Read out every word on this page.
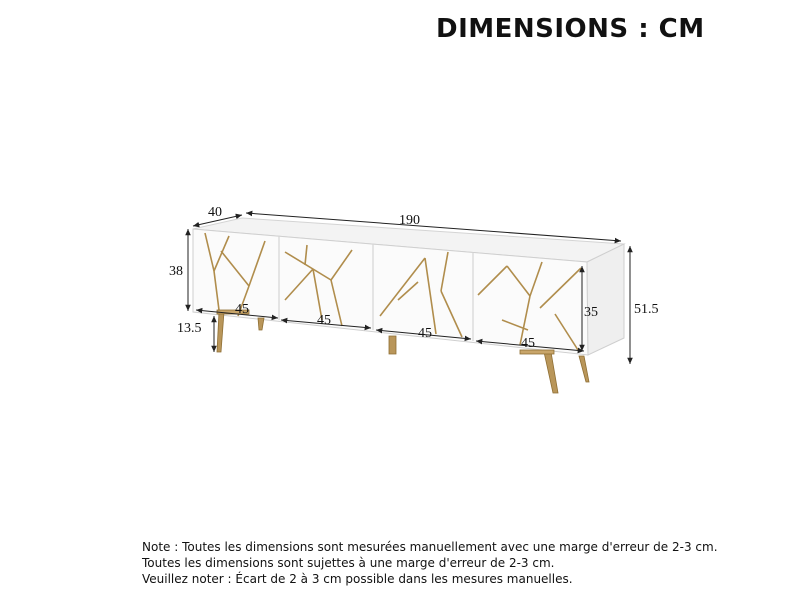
DIMENSIONS : CM
40
190
38
13.5
45
45
45
45
35	51.5
Note : Toutes les dimensions sont mesurées manuellement avec une marge d'erreur de 2-3 cm.
Toutes les dimensions sont sujettes à une marge d'erreur de 2-3 cm.
Veuillez noter : Écart de 2 à 3 cm possible dans les mesures manuelles.
